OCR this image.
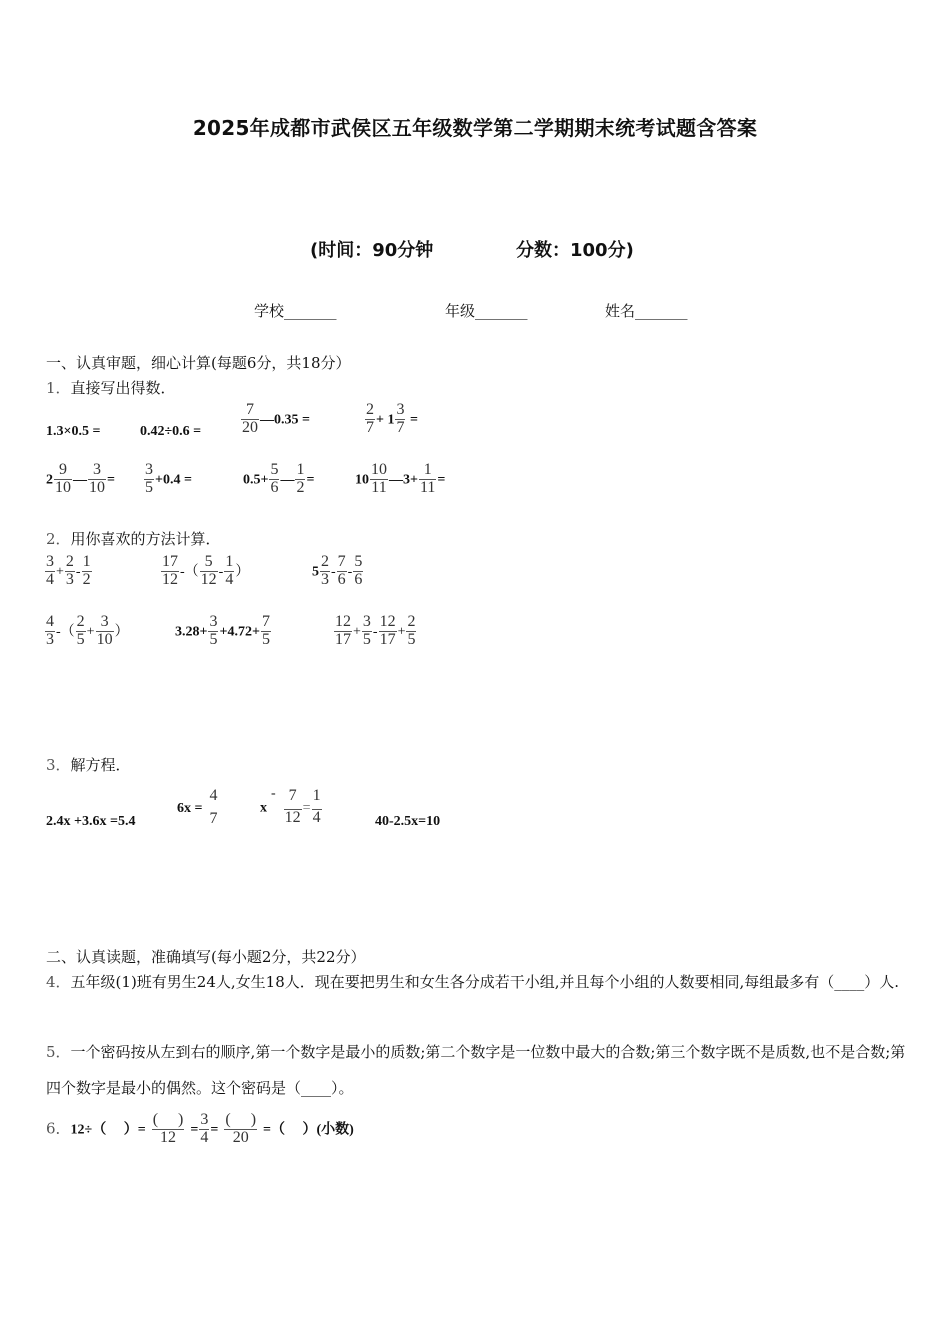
2025年成都市武侯区五年级数学第二学期期末统考试题含答案
(时间：90分钟	分数：100分)
学校_______	年级_______	姓名_______
一、认真审题，细心计算(每题6分，共18分）
1．直接写出得数．
1.3×0.5 =	$0.42\div 0.6 = \frac{7}{20}$ —0.35 =	$\frac{2}{7} + 1 \frac{3}{7}$ =
$2 \frac{9}{10}$ — $\frac{3}{10} = \frac{3}{5} +0.4$ =	$0.5+ \frac{5}{6}$ — $\frac{1}{2}$ =	$10 \frac{10}{11}$ —3+ $\frac{1}{11}$ =
2．用你喜欢的方法计算．
$\frac{3}{4} + \frac{2}{3} - \frac{1}{2}$	$\frac{17}{12}$ -（ $\frac{5}{12} - \frac{1}{4}$ ）	$5 \frac{2}{3} - \frac{7}{6} - \frac{5}{6}$
$\frac{4}{3}$ -（ $\frac{2}{5} + \frac{3}{10}$ ）	$3.28+ \frac{3}{5} +4.72+ \frac{7}{5}$	$\frac{12}{17} + \frac{3}{5} - \frac{12}{17} + \frac{2}{5}$
3．解方程．
2.4x +3.6x =5.4
6x =
4
7
$x- \frac{7}{12} = \frac{1}{4}$	40-2.5x=10
二、认真读题，准确填写(每小题2分，共22分）
4．五年级(1)班有男生24人,女生18人．现在要把男生和女生各分成若干小组,并且每个小组的人数要相同,每组最多有（____）人.
5．一个密码按从左到右的顺序,第一个数字是最小的质数;第二个数字是一位数中最大的合数;第三个数字既不是质数,也不是合数;第四个数字是最小的偶然。这个密码是（____）。
6．12÷（　 ）=
(　 )
12	= $\frac{3}{4}$ =
(　 )
20	=（　 ）(小数)
